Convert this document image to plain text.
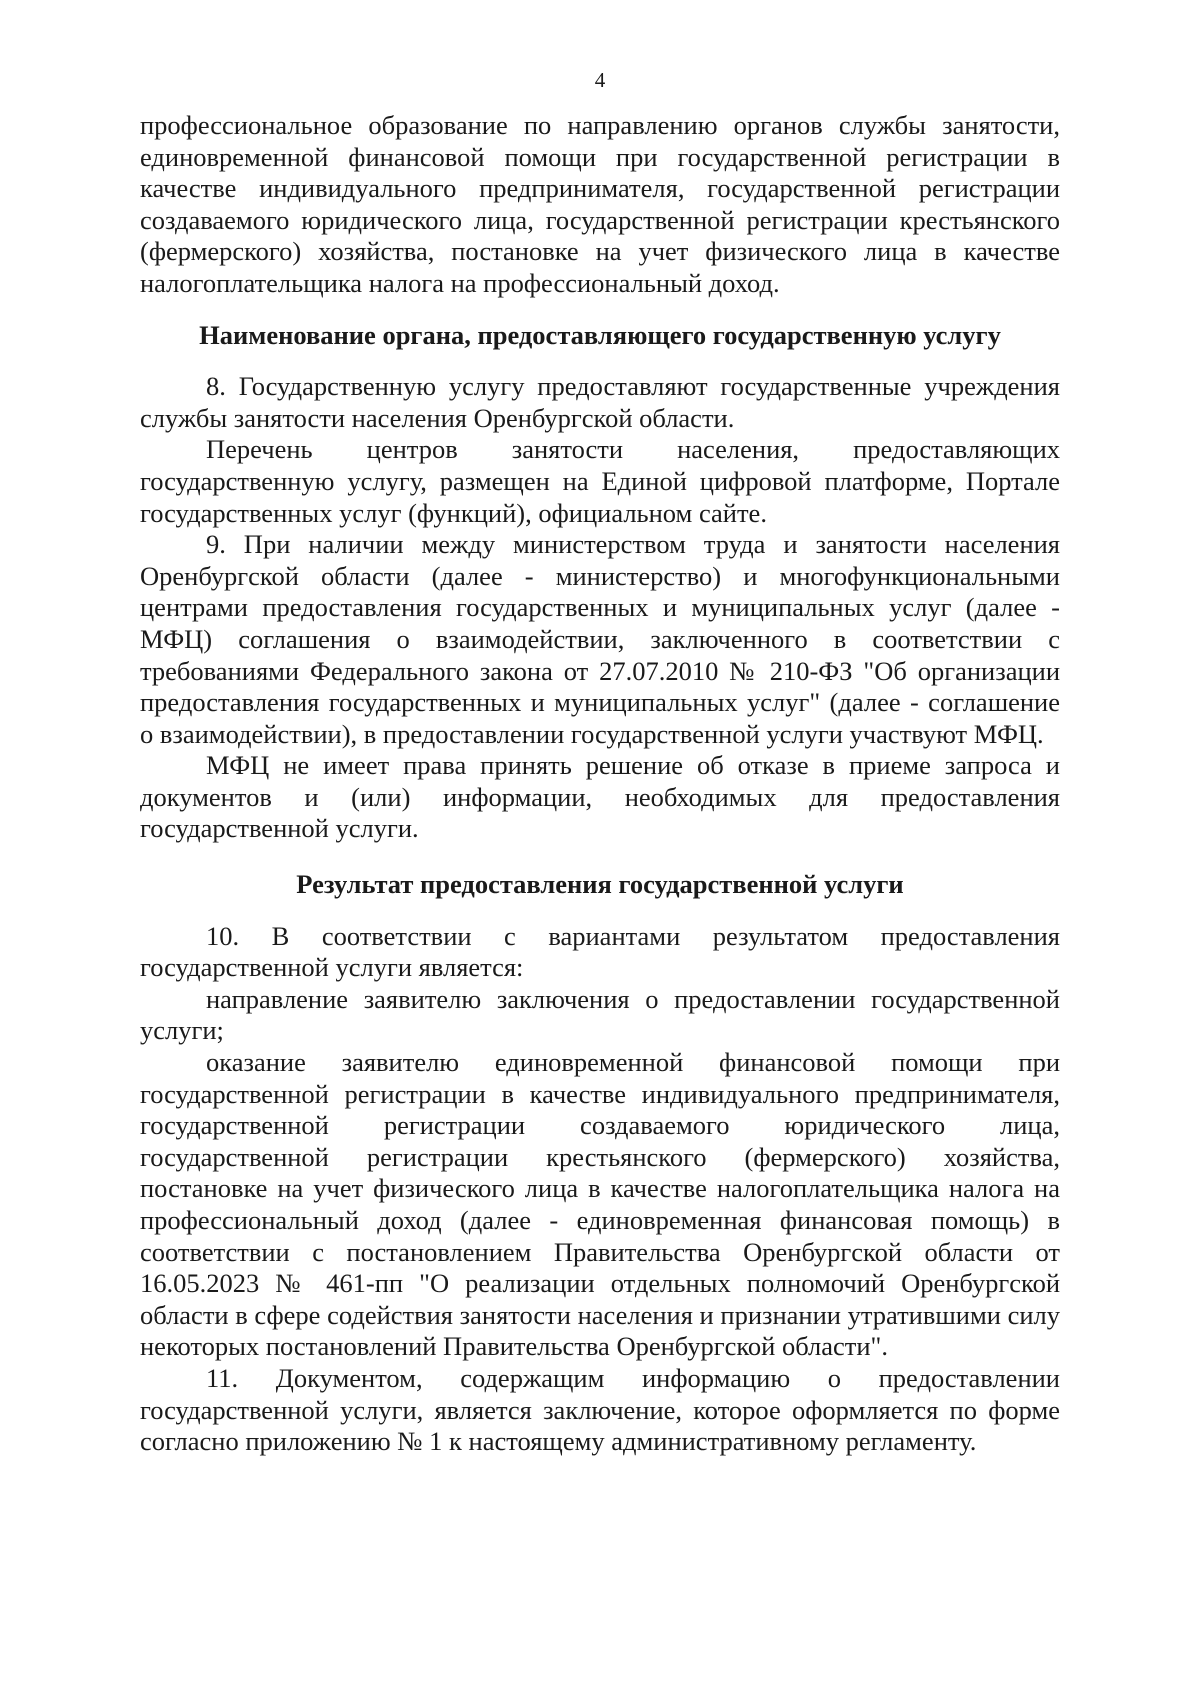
4

профессиональное образование по направлению органов службы занятости, единовременной финансовой помощи при государственной регистрации в качестве индивидуального предпринимателя, государственной регистрации создаваемого юридического лица, государственной регистрации крестьянского (фермерского) хозяйства, постановке на учет физического лица в качестве налогоплательщика налога на профессиональный доход.

Наименование органа, предоставляющего государственную услугу

8. Государственную услугу предоставляют государственные учреждения службы занятости населения Оренбургской области.

Перечень центров занятости населения, предоставляющих государственную услугу, размещен на Единой цифровой платформе, Портале государственных услуг (функций), официальном сайте.

9. При наличии между министерством труда и занятости населения Оренбургской области (далее - министерство) и многофункциональными центрами предоставления государственных и муниципальных услуг (далее - МФЦ) соглашения о взаимодействии, заключенного в соответствии с требованиями Федерального закона от 27.07.2010 № 210-ФЗ "Об организации предоставления государственных и муниципальных услуг" (далее - соглашение о взаимодействии), в предоставлении государственной услуги участвуют МФЦ.

МФЦ не имеет права принять решение об отказе в приеме запроса и документов и (или) информации, необходимых для предоставления государственной услуги.

Результат предоставления государственной услуги

10. В соответствии с вариантами результатом предоставления государственной услуги является:

направление заявителю заключения о предоставлении государственной услуги;

оказание заявителю единовременной финансовой помощи при государственной регистрации в качестве индивидуального предпринимателя, государственной регистрации создаваемого юридического лица, государственной регистрации крестьянского (фермерского) хозяйства, постановке на учет физического лица в качестве налогоплательщика налога на профессиональный доход (далее - единовременная финансовая помощь) в соответствии с постановлением Правительства Оренбургской области от 16.05.2023 № 461-пп "О реализации отдельных полномочий Оренбургской области в сфере содействия занятости населения и признании утратившими силу некоторых постановлений Правительства Оренбургской области".

11. Документом, содержащим информацию о предоставлении государственной услуги, является заключение, которое оформляется по форме согласно приложению № 1 к настоящему административному регламенту.
